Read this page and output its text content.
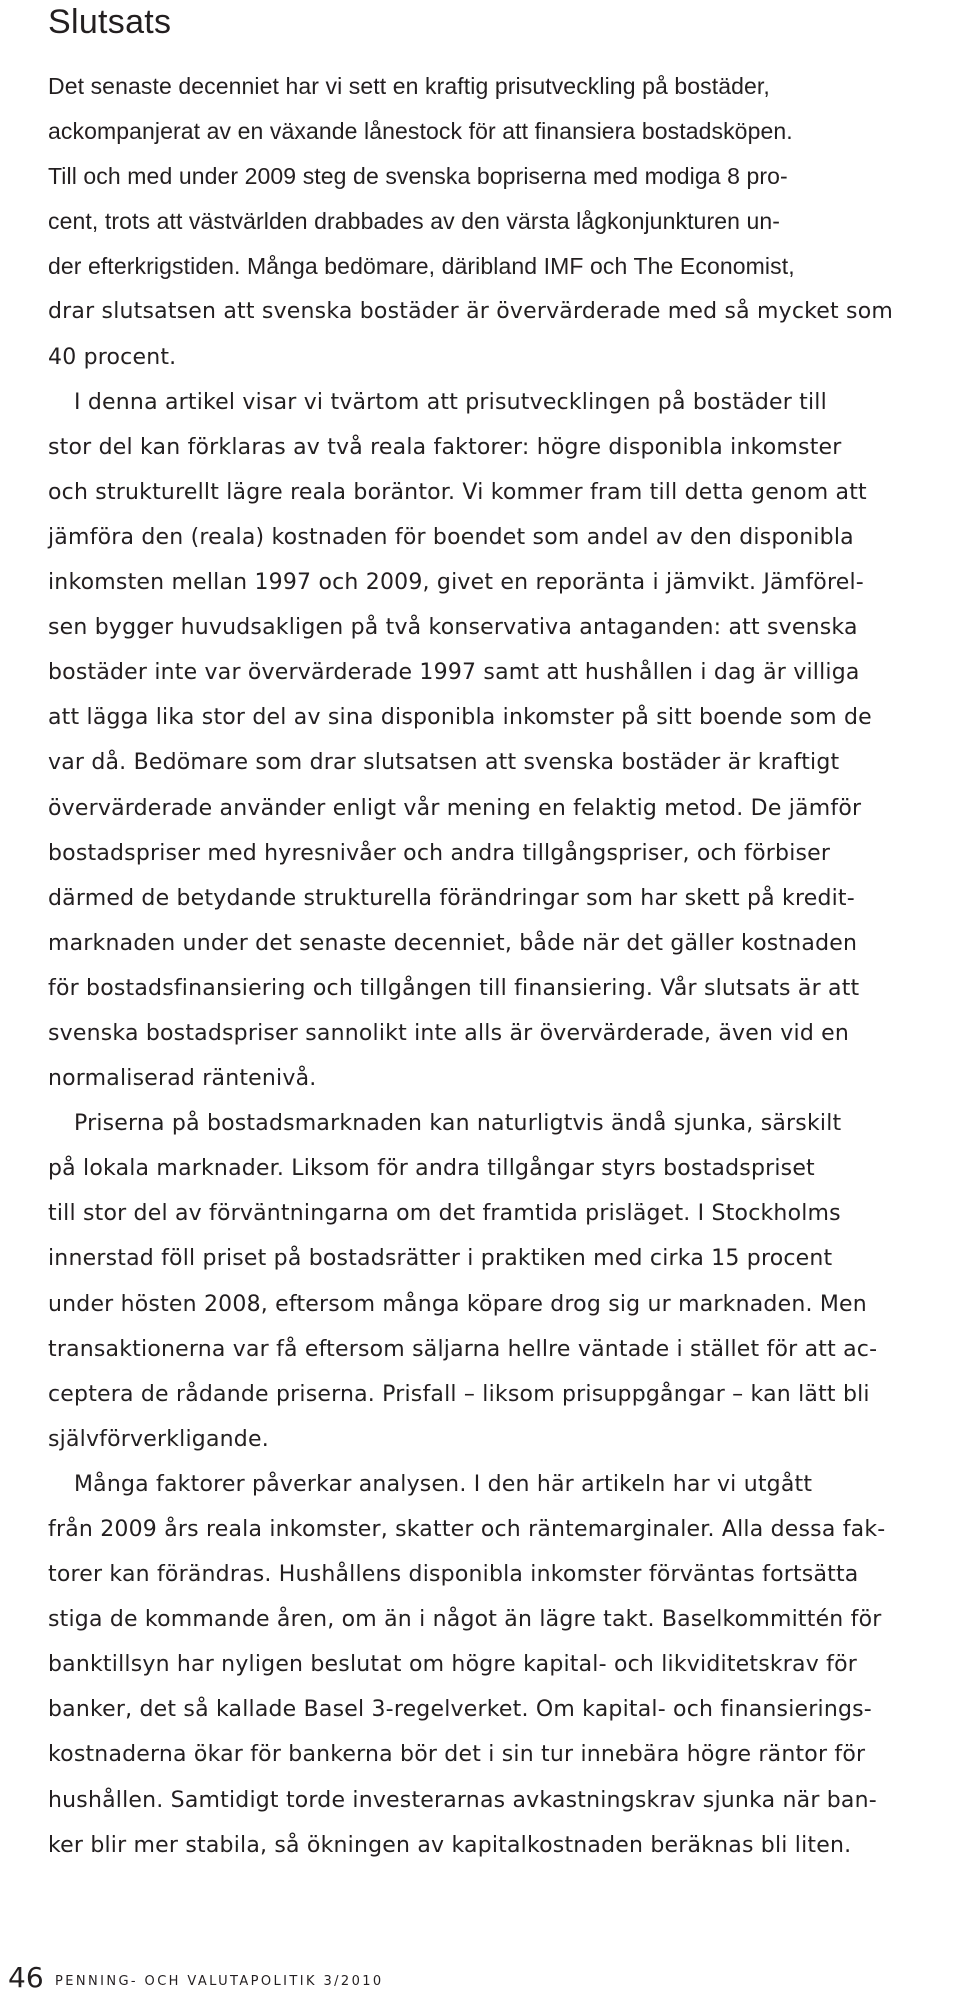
Slutsats
Det senaste decenniet har vi sett en kraftig prisutveckling på bostäder,
ackompanjerat av en växande lånestock för att finansiera bostadsköpen.
Till och med under 2009 steg de svenska bopriserna med modiga 8 pro-
cent, trots att västvärlden drabbades av den värsta lågkonjunkturen un-
der efterkrigstiden. Många bedömare, däribland IMF och The Economist,
drar slutsatsen att svenska bostäder är övervärderade med så mycket som
40 procent.
I denna artikel visar vi tvärtom att prisutvecklingen på bostäder till
stor del kan förklaras av två reala faktorer: högre disponibla inkomster
och strukturellt lägre reala boräntor. Vi kommer fram till detta genom att
jämföra den (reala) kostnaden för boendet som andel av den disponibla
inkomsten mellan 1997 och 2009, givet en reporänta i jämvikt. Jämförel-
sen bygger huvudsakligen på två konservativa antaganden: att svenska
bostäder inte var övervärderade 1997 samt att hushållen i dag är villiga
att lägga lika stor del av sina disponibla inkomster på sitt boende som de
var då. Bedömare som drar slutsatsen att svenska bostäder är kraftigt
övervärderade använder enligt vår mening en felaktig metod. De jämför
bostadspriser med hyresnivåer och andra tillgångspriser, och förbiser
därmed de betydande strukturella förändringar som har skett på kredit-
marknaden under det senaste decenniet, både när det gäller kostnaden
för bostadsfinansiering och tillgången till finansiering. Vår slutsats är att
svenska bostadspriser sannolikt inte alls är övervärderade, även vid en
normaliserad räntenivå.
Priserna på bostadsmarknaden kan naturligtvis ändå sjunka, särskilt
på lokala marknader. Liksom för andra tillgångar styrs bostadspriset
till stor del av förväntningarna om det framtida prisläget. I Stockholms
innerstad föll priset på bostadsrätter i praktiken med cirka 15 procent
under hösten 2008, eftersom många köpare drog sig ur marknaden. Men
transaktionerna var få eftersom säljarna hellre väntade i stället för att ac-
ceptera de rådande priserna. Prisfall – liksom prisuppgångar – kan lätt bli
självförverkligande.
Många faktorer påverkar analysen. I den här artikeln har vi utgått
från 2009 års reala inkomster, skatter och räntemarginaler. Alla dessa fak-
torer kan förändras. Hushållens disponibla inkomster förväntas fortsätta
stiga de kommande åren, om än i något än lägre takt. Baselkommittén för
banktillsyn har nyligen beslutat om högre kapital- och likviditetskrav för
banker, det så kallade Basel 3-regelverket. Om kapital- och finansierings-
kostnaderna ökar för bankerna bör det i sin tur innebära högre räntor för
hushållen. Samtidigt torde investerarnas avkastningskrav sjunka när ban-
ker blir mer stabila, så ökningen av kapitalkostnaden beräknas bli liten.
46 PENNING- OCH VALUTAPOLITIK 3/2010
